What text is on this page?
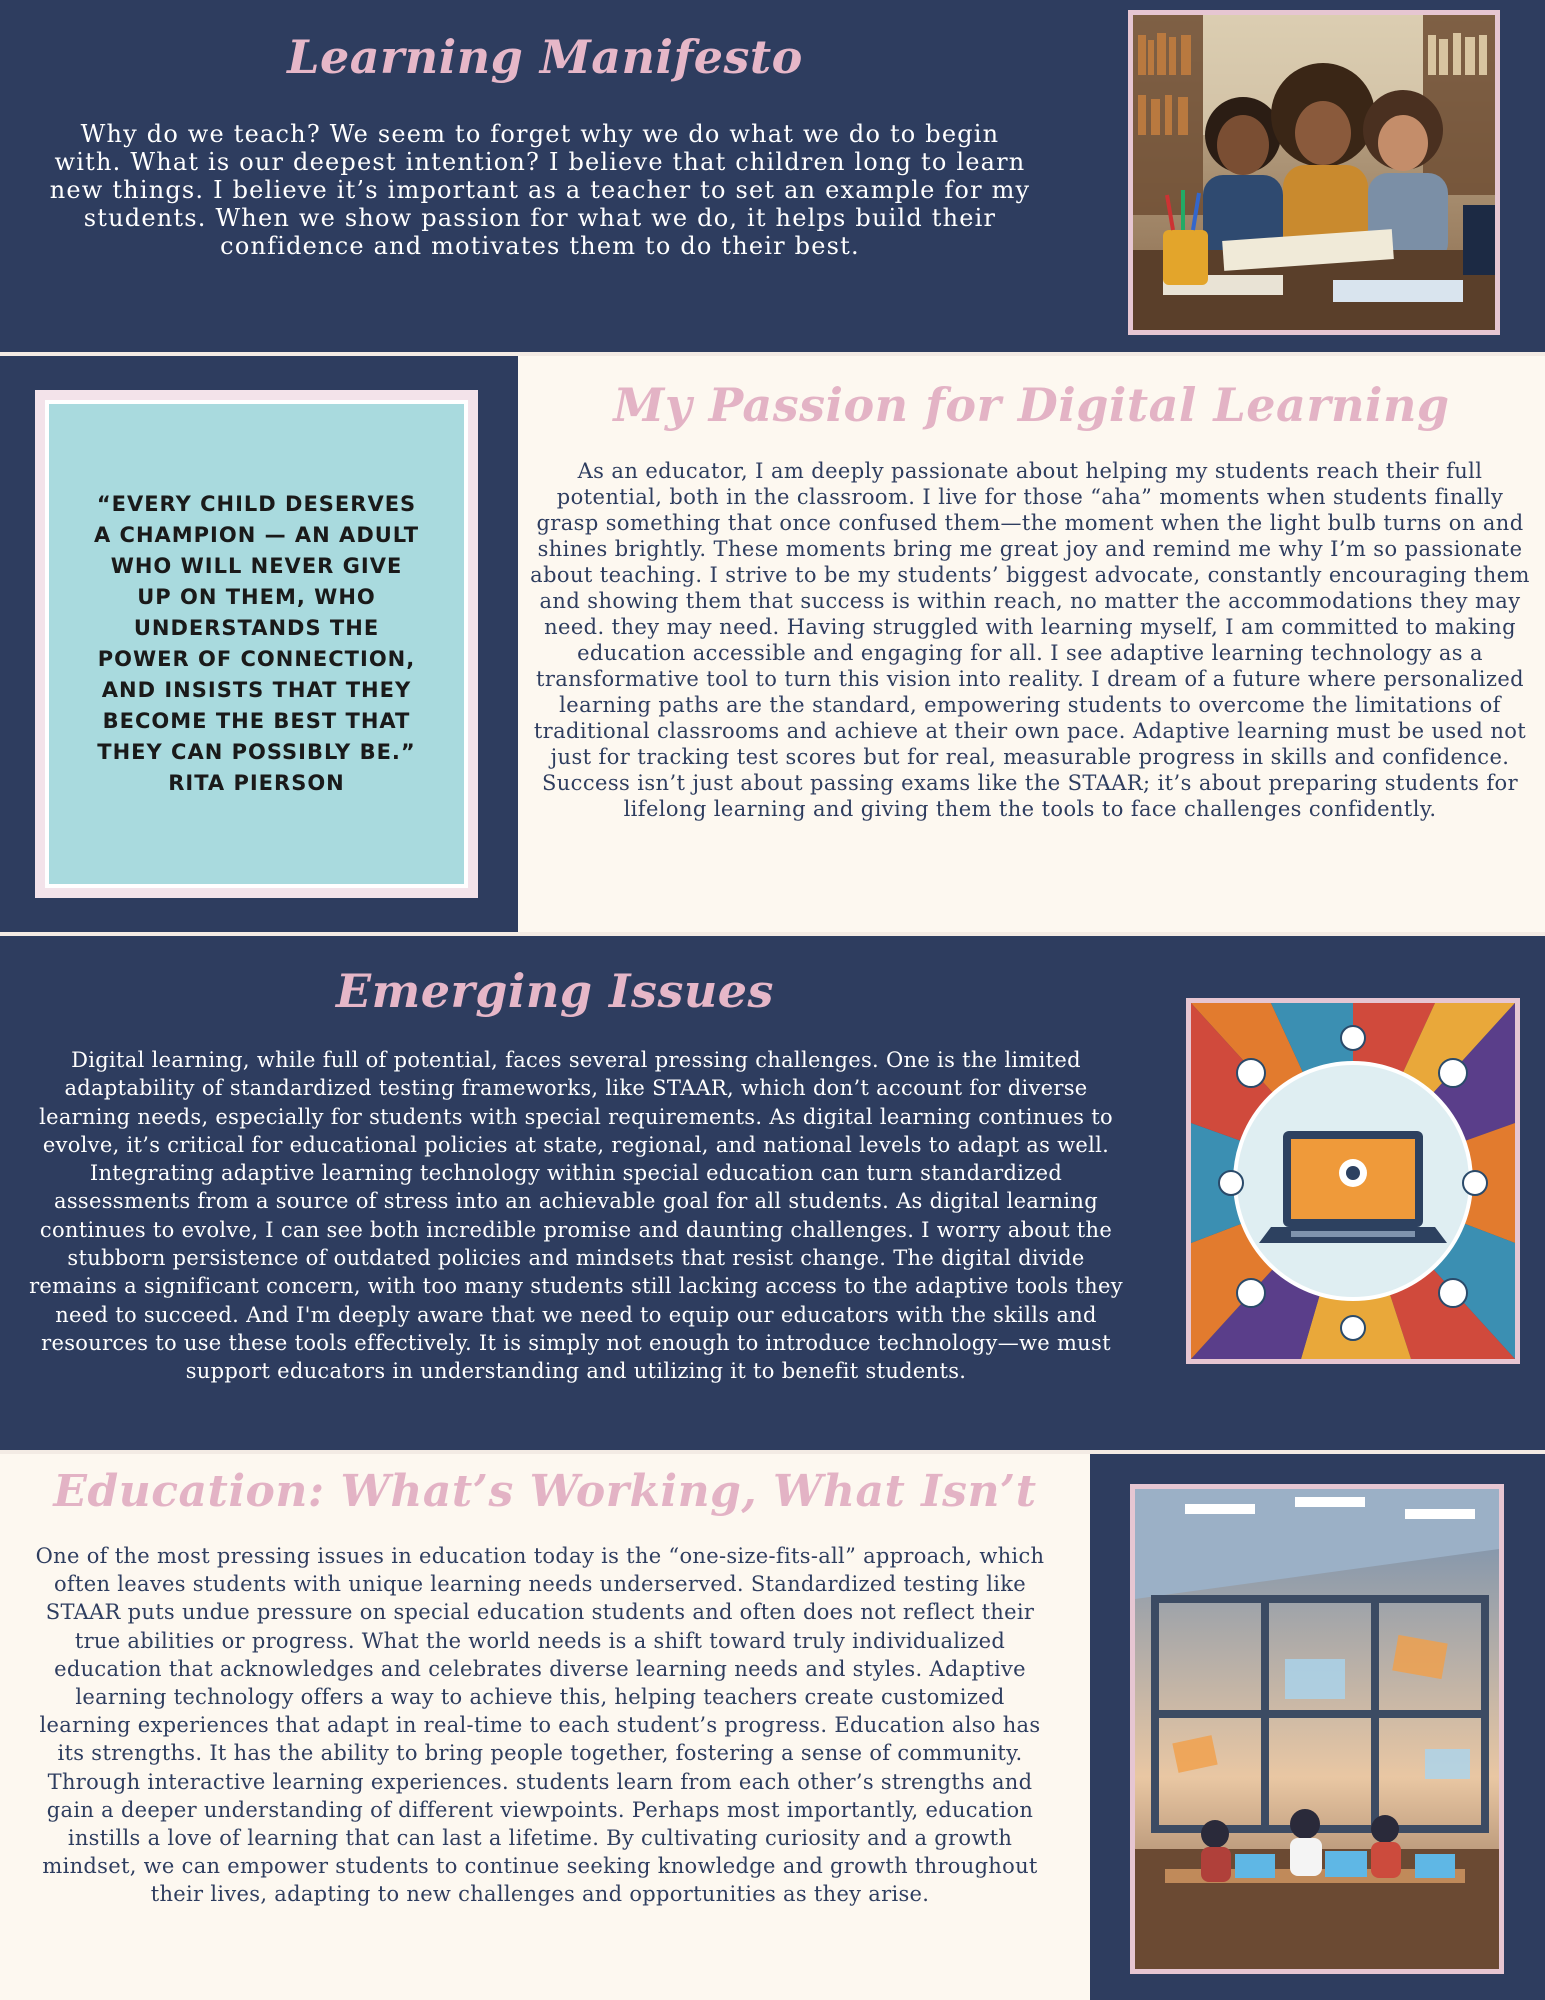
Learning Manifesto

Why do we teach? We seem to forget why we do what we do to begin with. What is our deepest intention? I believe that children long to learn new things. I believe it’s important as a teacher to set an example for my students. When we show passion for what we do, it helps build their confidence and motivates them to do their best.

“EVERY CHILD DESERVES A CHAMPION — AN ADULT WHO WILL NEVER GIVE UP ON THEM, WHO UNDERSTANDS THE POWER OF CONNECTION, AND INSISTS THAT THEY BECOME THE BEST THAT THEY CAN POSSIBLY BE.”

RITA PIERSON

My Passion for Digital Learning

As an educator, I am deeply passionate about helping my students reach their full potential, both in the classroom. I live for those “aha” moments when students finally grasp something that once confused them—the moment when the light bulb turns on and shines brightly. These moments bring me great joy and remind me why I’m so passionate about teaching. I strive to be my students’ biggest advocate, constantly encouraging them and showing them that success is within reach, no matter the accommodations they may need. they may need. Having struggled with learning myself, I am committed to making education accessible and engaging for all. I see adaptive learning technology as a transformative tool to turn this vision into reality. I dream of a future where personalized learning paths are the standard, empowering students to overcome the limitations of traditional classrooms and achieve at their own pace. Adaptive learning must be used not just for tracking test scores but for real, measurable progress in skills and confidence. Success isn’t just about passing exams like the STAAR; it’s about preparing students for lifelong learning and giving them the tools to face challenges confidently.

Emerging Issues

Digital learning, while full of potential, faces several pressing challenges. One is the limited adaptability of standardized testing frameworks, like STAAR, which don’t account for diverse learning needs, especially for students with special requirements. As digital learning continues to evolve, it’s critical for educational policies at state, regional, and national levels to adapt as well. Integrating adaptive learning technology within special education can turn standardized assessments from a source of stress into an achievable goal for all students. As digital learning continues to evolve, I can see both incredible promise and daunting challenges. I worry about the stubborn persistence of outdated policies and mindsets that resist change. The digital divide remains a significant concern, with too many students still lacking access to the adaptive tools they need to succeed. And I'm deeply aware that we need to equip our educators with the skills and resources to use these tools effectively. It is simply not enough to introduce technology—we must support educators in understanding and utilizing it to benefit students.

Education: What’s Working, What Isn’t

One of the most pressing issues in education today is the “one-size-fits-all” approach, which often leaves students with unique learning needs underserved. Standardized testing like STAAR puts undue pressure on special education students and often does not reflect their true abilities or progress. What the world needs is a shift toward truly individualized education that acknowledges and celebrates diverse learning needs and styles. Adaptive learning technology offers a way to achieve this, helping teachers create customized learning experiences that adapt in real-time to each student’s progress. Education also has its strengths. It has the ability to bring people together, fostering a sense of community. Through interactive learning experiences. students learn from each other’s strengths and gain a deeper understanding of different viewpoints. Perhaps most importantly, education instills a love of learning that can last a lifetime. By cultivating curiosity and a growth mindset, we can empower students to continue seeking knowledge and growth throughout their lives, adapting to new challenges and opportunities as they arise.
